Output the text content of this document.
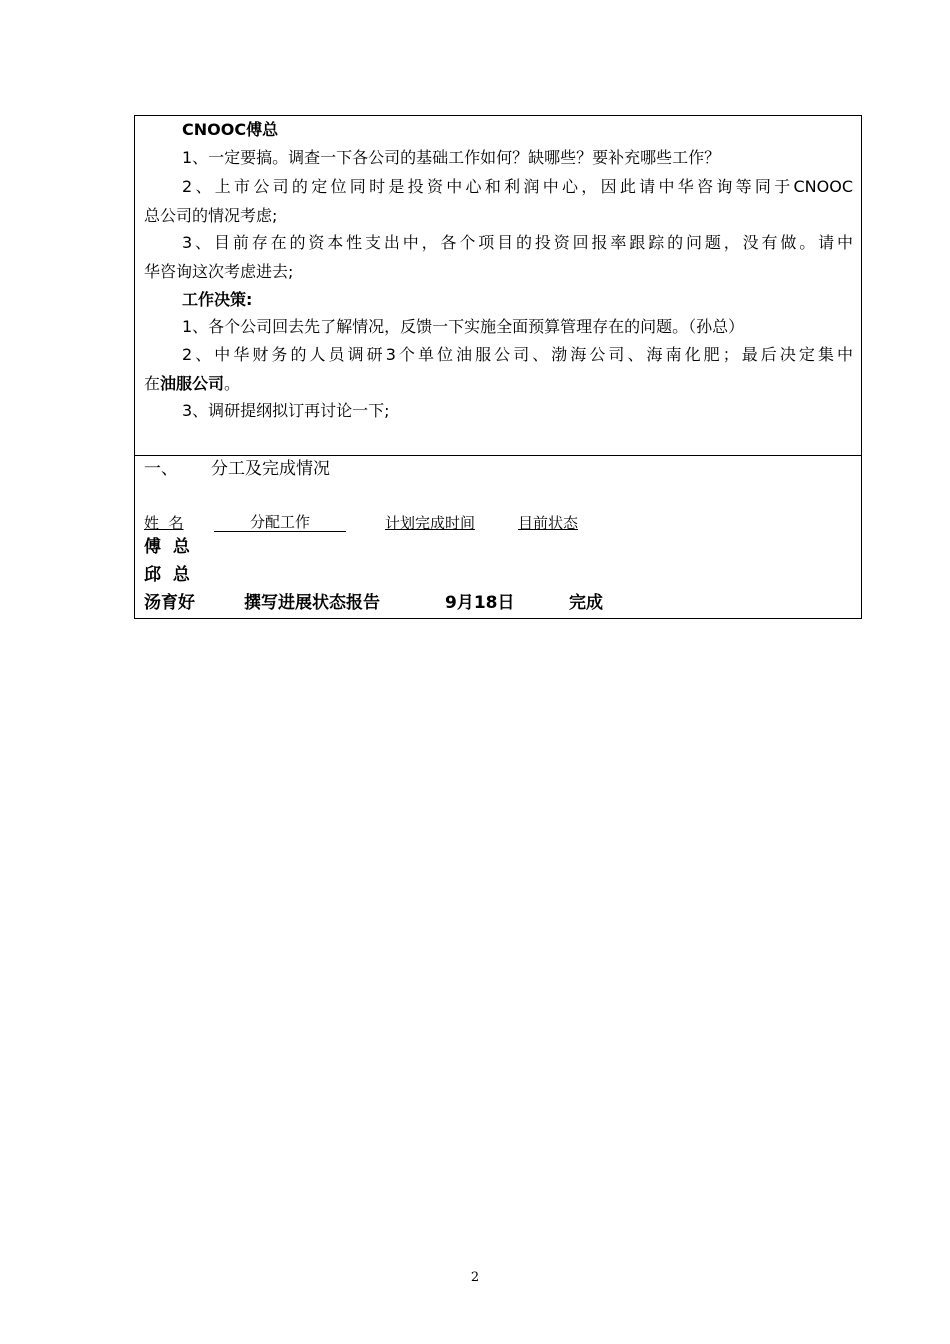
CNOOC傅总
1、一定要搞。调查一下各公司的基础工作如何？缺哪些？要补充哪些工作？
2、上市公司的定位同时是投资中心和利润中心，因此请中华咨询等同于CNOOC
总公司的情况考虑;
3、目前存在的资本性支出中，各个项目的投资回报率跟踪的问题，没有做。请中
华咨询这次考虑进去;
工作决策:
1、各个公司回去先了解情况，反馈一下实施全面预算管理存在的问题。（孙总）
2、中华财务的人员调研3个单位油服公司、渤海公司、海南化肥；最后决定集中
在油服公司。
3、调研提纲拟订再讨论一下;
一、 分工及完成情况
姓  名	分配工作	计划完成时间	目前状态
傅  总
邱  总
汤育好	撰写进展状态报告	9月18日	完成
2
